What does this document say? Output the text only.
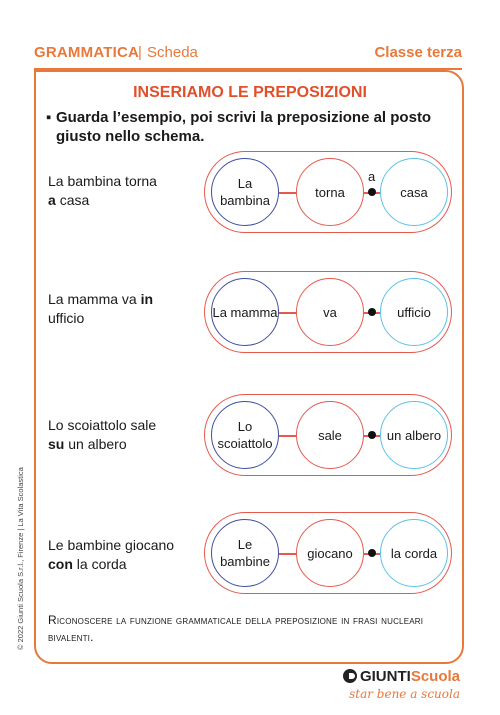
GRAMMATICA
| Scheda	Classe terza
INSERIAMO LE PREPOSIZIONI
▪ Guarda l’esempio, poi scrivi la preposizione al posto giusto nello schema.
La bambina torna
a casa
La bambina
torna	casa
a
La mamma va in
ufficio	La mamma	va	ufficio
Lo scoiattolo sale
su un albero
Lo scoiattolo
sale	un albero
Le bambine giocano
con la corda
Le bambine
giocano	la corda
Riconoscere la funzione grammaticale della preposizione in frasi nucleari bivalenti.
© 2022 Giunti Scuola S.r.l., Firenze | La Vita Scolastica
GIUNTIScuola
star bene a scuola
